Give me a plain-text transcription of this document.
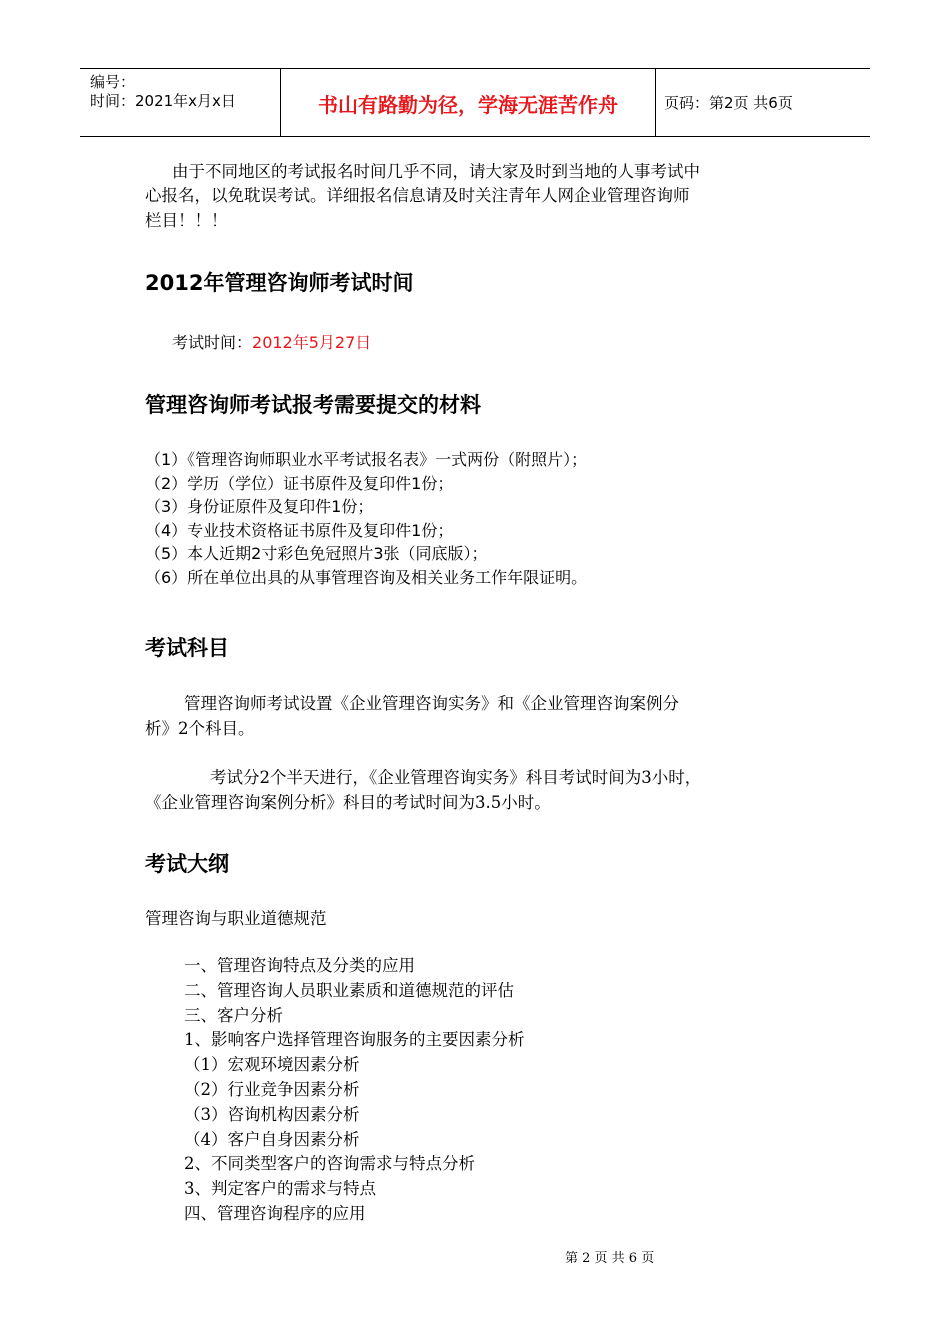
编号：
时间：2021年x月x日	书山有路勤为径，学海无涯苦作舟	页码：第2页 共6页
由于不同地区的考试报名时间几乎不同，请大家及时到当地的人事考试中
心报名，以免耽误考试。详细报名信息请及时关注青年人网企业管理咨询师
栏目！！！
2012年管理咨询师考试时间
考试时间：2012年5月27日
管理咨询师考试报考需要提交的材料
（1）《管理咨询师职业水平考试报名表》一式两份（附照片）；
（2）学历（学位）证书原件及复印件1份；
（3）身份证原件及复印件1份；
（4）专业技术资格证书原件及复印件1份；
（5）本人近期2寸彩色免冠照片3张（同底版）；
（6）所在单位出具的从事管理咨询及相关业务工作年限证明。
考试科目
管理咨询师考试设置《企业管理咨询实务》和《企业管理咨询案例分
析》2个科目。
考试分2个半天进行，《企业管理咨询实务》科目考试时间为3小时，
《企业管理咨询案例分析》科目的考试时间为3.5小时。
考试大纲
管理咨询与职业道德规范
一、管理咨询特点及分类的应用
二、管理咨询人员职业素质和道德规范的评估
三、客户分析
1、影响客户选择管理咨询服务的主要因素分析
（1）宏观环境因素分析
（2）行业竞争因素分析
（3）咨询机构因素分析
（4）客户自身因素分析
2、不同类型客户的咨询需求与特点分析
3、判定客户的需求与特点
四、管理咨询程序的应用
第 2 页 共 6 页
